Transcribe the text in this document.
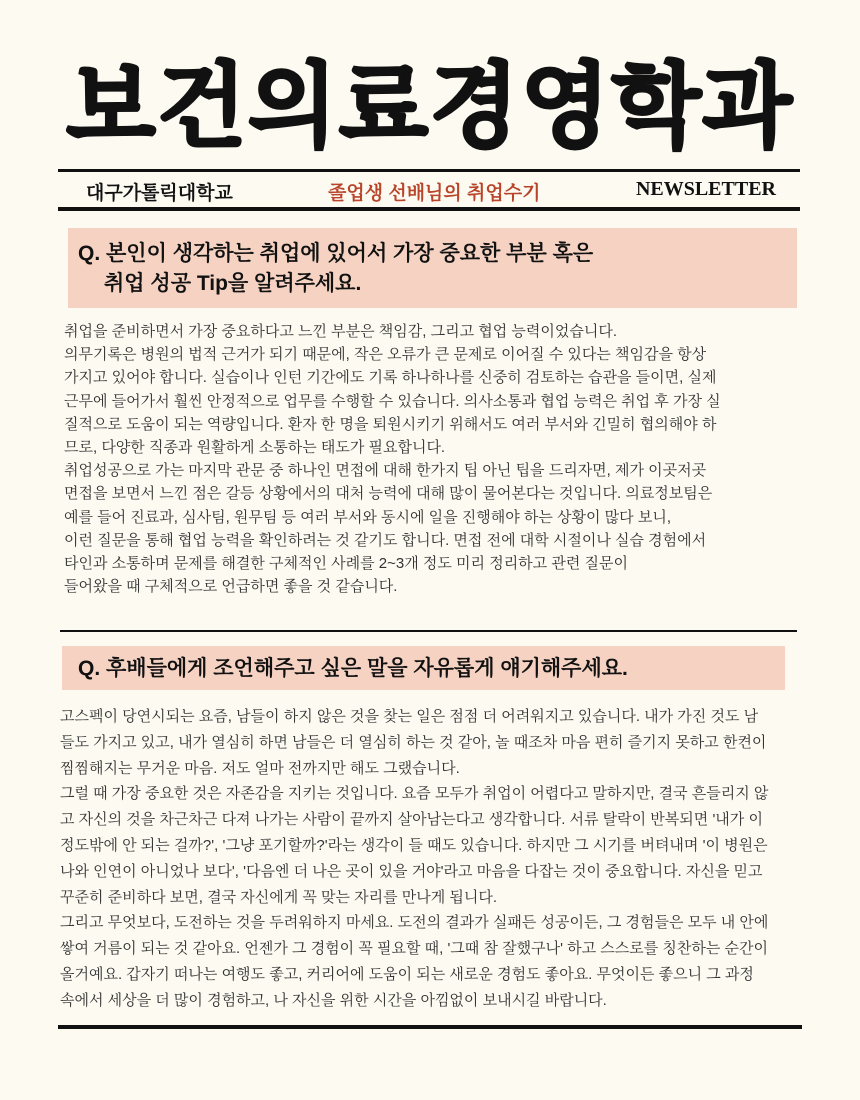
보건의료경영학과
대구가톨릭대학교	졸업생 선배님의 취업수기	NEWSLETTER
Q. 본인이 생각하는 취업에 있어서 가장 중요한 부분 혹은
취업 성공 Tip을 알려주세요.
취업을 준비하면서 가장 중요하다고 느낀 부분은 책임감, 그리고 협업 능력이었습니다.
의무기록은 병원의 법적 근거가 되기 때문에, 작은 오류가 큰 문제로 이어질 수 있다는 책임감을 항상
가지고 있어야 합니다. 실습이나 인턴 기간에도 기록 하나하나를 신중히 검토하는 습관을 들이면, 실제
근무에 들어가서 훨씬 안정적으로 업무를 수행할 수 있습니다. 의사소통과 협업 능력은 취업 후 가장 실
질적으로 도움이 되는 역량입니다. 환자 한 명을 퇴원시키기 위해서도 여러 부서와 긴밀히 협의해야 하
므로, 다양한 직종과 원활하게 소통하는 태도가 필요합니다.
취업성공으로 가는 마지막 관문 중 하나인 면접에 대해 한가지 팁 아닌 팁을 드리자면, 제가 이곳저곳
면접을 보면서 느낀 점은 갈등 상황에서의 대처 능력에 대해 많이 물어본다는 것입니다. 의료정보팀은
예를 들어 진료과, 심사팀, 원무팀 등 여러 부서와 동시에 일을 진행해야 하는 상황이 많다 보니,
이런 질문을 통해 협업 능력을 확인하려는 것 같기도 합니다. 면접 전에 대학 시절이나 실습 경험에서
타인과 소통하며 문제를 해결한 구체적인 사례를 2~3개 정도 미리 정리하고 관련 질문이
들어왔을 때 구체적으로 언급하면 좋을 것 같습니다.
Q. 후배들에게 조언해주고 싶은 말을 자유롭게 얘기해주세요.
고스펙이 당연시되는 요즘, 남들이 하지 않은 것을 찾는 일은 점점 더 어려워지고 있습니다. 내가 가진 것도 남
들도 가지고 있고, 내가 열심히 하면 남들은 더 열심히 하는 것 같아, 놀 때조차 마음 편히 즐기지 못하고 한켠이
찜찜해지는 무거운 마음. 저도 얼마 전까지만 해도 그랬습니다.
그럴 때 가장 중요한 것은 자존감을 지키는 것입니다. 요즘 모두가 취업이 어렵다고 말하지만, 결국 흔들리지 않
고 자신의 것을 차근차근 다져 나가는 사람이 끝까지 살아남는다고 생각합니다. 서류 탈락이 반복되면 '내가 이
정도밖에 안 되는 걸까?', '그냥 포기할까?'라는 생각이 들 때도 있습니다. 하지만 그 시기를 버텨내며 '이 병원은
나와 인연이 아니었나 보다', '다음엔 더 나은 곳이 있을 거야'라고 마음을 다잡는 것이 중요합니다. 자신을 믿고
꾸준히 준비하다 보면, 결국 자신에게 꼭 맞는 자리를 만나게 됩니다.
그리고 무엇보다, 도전하는 것을 두려워하지 마세요. 도전의 결과가 실패든 성공이든, 그 경험들은 모두 내 안에
쌓여 거름이 되는 것 같아요. 언젠가 그 경험이 꼭 필요할 때, '그때 참 잘했구나' 하고 스스로를 칭찬하는 순간이
올거예요. 갑자기 떠나는 여행도 좋고, 커리어에 도움이 되는 새로운 경험도 좋아요. 무엇이든 좋으니 그 과정
속에서 세상을 더 많이 경험하고, 나 자신을 위한 시간을 아낌없이 보내시길 바랍니다.
